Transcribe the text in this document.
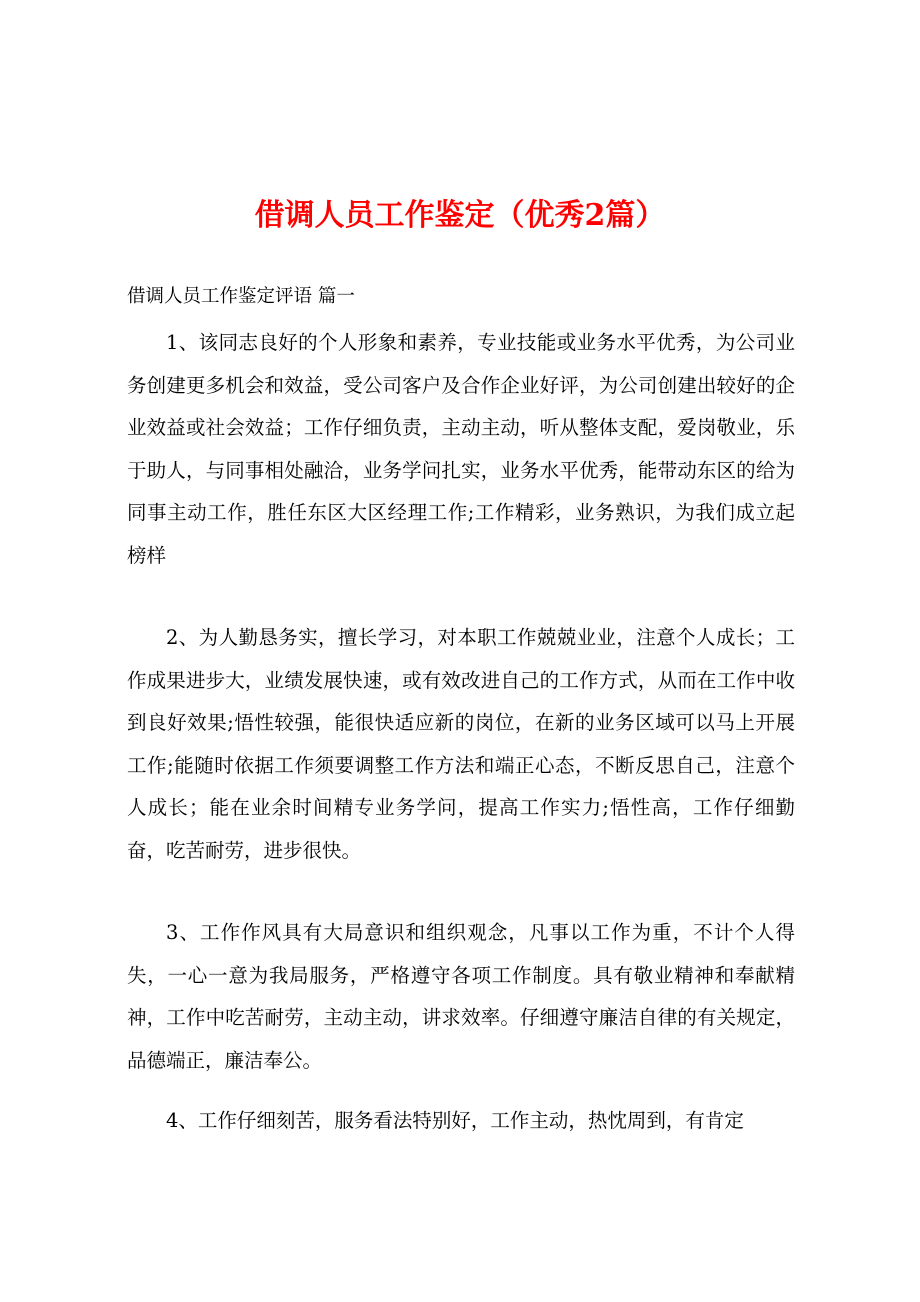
借调人员工作鉴定（优秀2篇）

借调人员工作鉴定评语 篇一

1、该同志良好的个人形象和素养，专业技能或业务水平优秀，为公司业务创建更多机会和效益，受公司客户及合作企业好评，为公司创建出较好的企业效益或社会效益；工作仔细负责，主动主动，听从整体支配，爱岗敬业，乐于助人，与同事相处融洽，业务学问扎实，业务水平优秀，能带动东区的给为同事主动工作，胜任东区大区经理工作;工作精彩，业务熟识，为我们成立起榜样

2、为人勤恳务实，擅长学习，对本职工作兢兢业业，注意个人成长；工作成果进步大，业绩发展快速，或有效改进自己的工作方式，从而在工作中收到良好效果;悟性较强，能很快适应新的岗位，在新的业务区域可以马上开展工作;能随时依据工作须要调整工作方法和端正心态，不断反思自己，注意个人成长；能在业余时间精专业务学问，提高工作实力;悟性高，工作仔细勤奋，吃苦耐劳，进步很快。

3、工作作风具有大局意识和组织观念，凡事以工作为重，不计个人得失，一心一意为我局服务，严格遵守各项工作制度。具有敬业精神和奉献精神，工作中吃苦耐劳，主动主动，讲求效率。仔细遵守廉洁自律的有关规定，品德端正，廉洁奉公。

4、工作仔细刻苦，服务看法特别好，工作主动，热忱周到，有肯定
